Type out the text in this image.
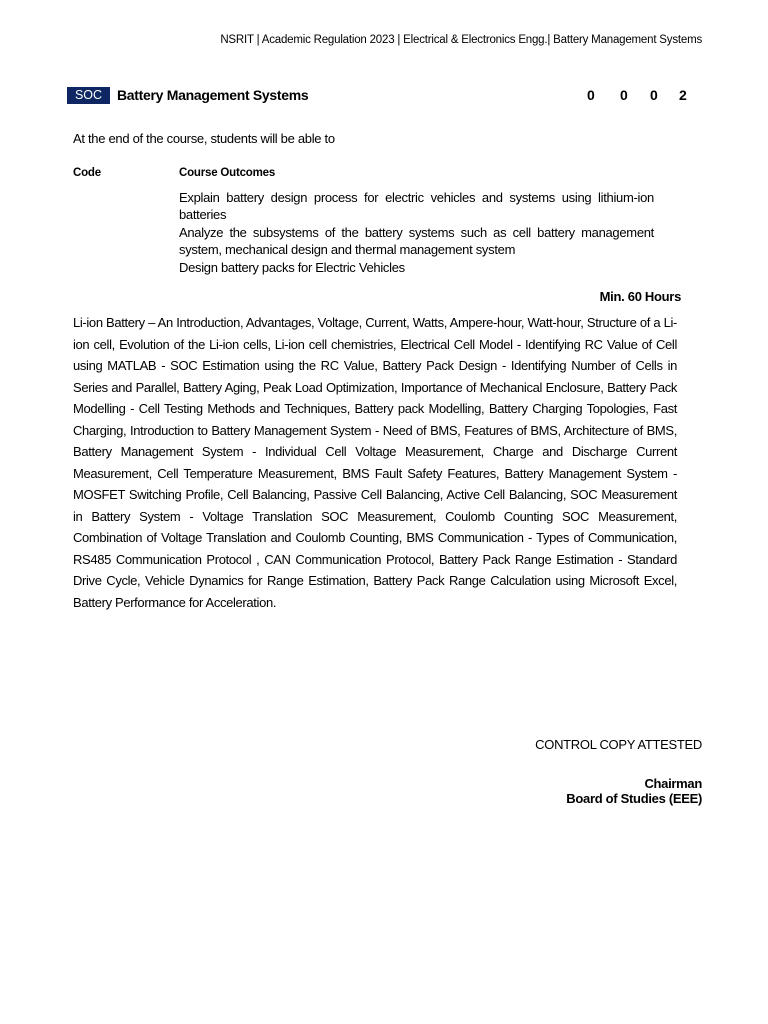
NSRIT | Academic Regulation 2023 | Electrical & Electronics Engg.| Battery Management Systems
SOC	Battery Management Systems	0 0 0 2
At the end of the course, students will be able to
Code	Course Outcomes
Explain battery design process for electric vehicles and systems using lithium-ion batteries
Analyze the subsystems of the battery systems such as cell battery management system, mechanical design and thermal management system
Design battery packs for Electric Vehicles
Min. 60 Hours
Li-ion Battery – An Introduction, Advantages, Voltage, Current, Watts, Ampere-hour, Watt-hour, Structure of a Li-ion cell, Evolution of the Li-ion cells, Li-ion cell chemistries, Electrical Cell Model - Identifying RC Value of Cell using MATLAB - SOC Estimation using the RC Value, Battery Pack Design - Identifying Number of Cells in Series and Parallel, Battery Aging, Peak Load Optimization, Importance of Mechanical Enclosure, Battery Pack Modelling - Cell Testing Methods and Techniques, Battery pack Modelling, Battery Charging Topologies, Fast Charging, Introduction to Battery Management System - Need of BMS, Features of BMS, Architecture of BMS, Battery Management System - Individual Cell Voltage Measurement, Charge and Discharge Current Measurement, Cell Temperature Measurement, BMS Fault Safety Features, Battery Management System - MOSFET Switching Profile, Cell Balancing, Passive Cell Balancing, Active Cell Balancing, SOC Measurement in Battery System - Voltage Translation SOC Measurement, Coulomb Counting SOC Measurement, Combination of Voltage Translation and Coulomb Counting, BMS Communication - Types of Communication, RS485 Communication Protocol , CAN Communication Protocol, Battery Pack Range Estimation - Standard Drive Cycle, Vehicle Dynamics for Range Estimation, Battery Pack Range Calculation using Microsoft Excel, Battery Performance for Acceleration.
CONTROL COPY ATTESTED
Chairman
Board of Studies (EEE)
